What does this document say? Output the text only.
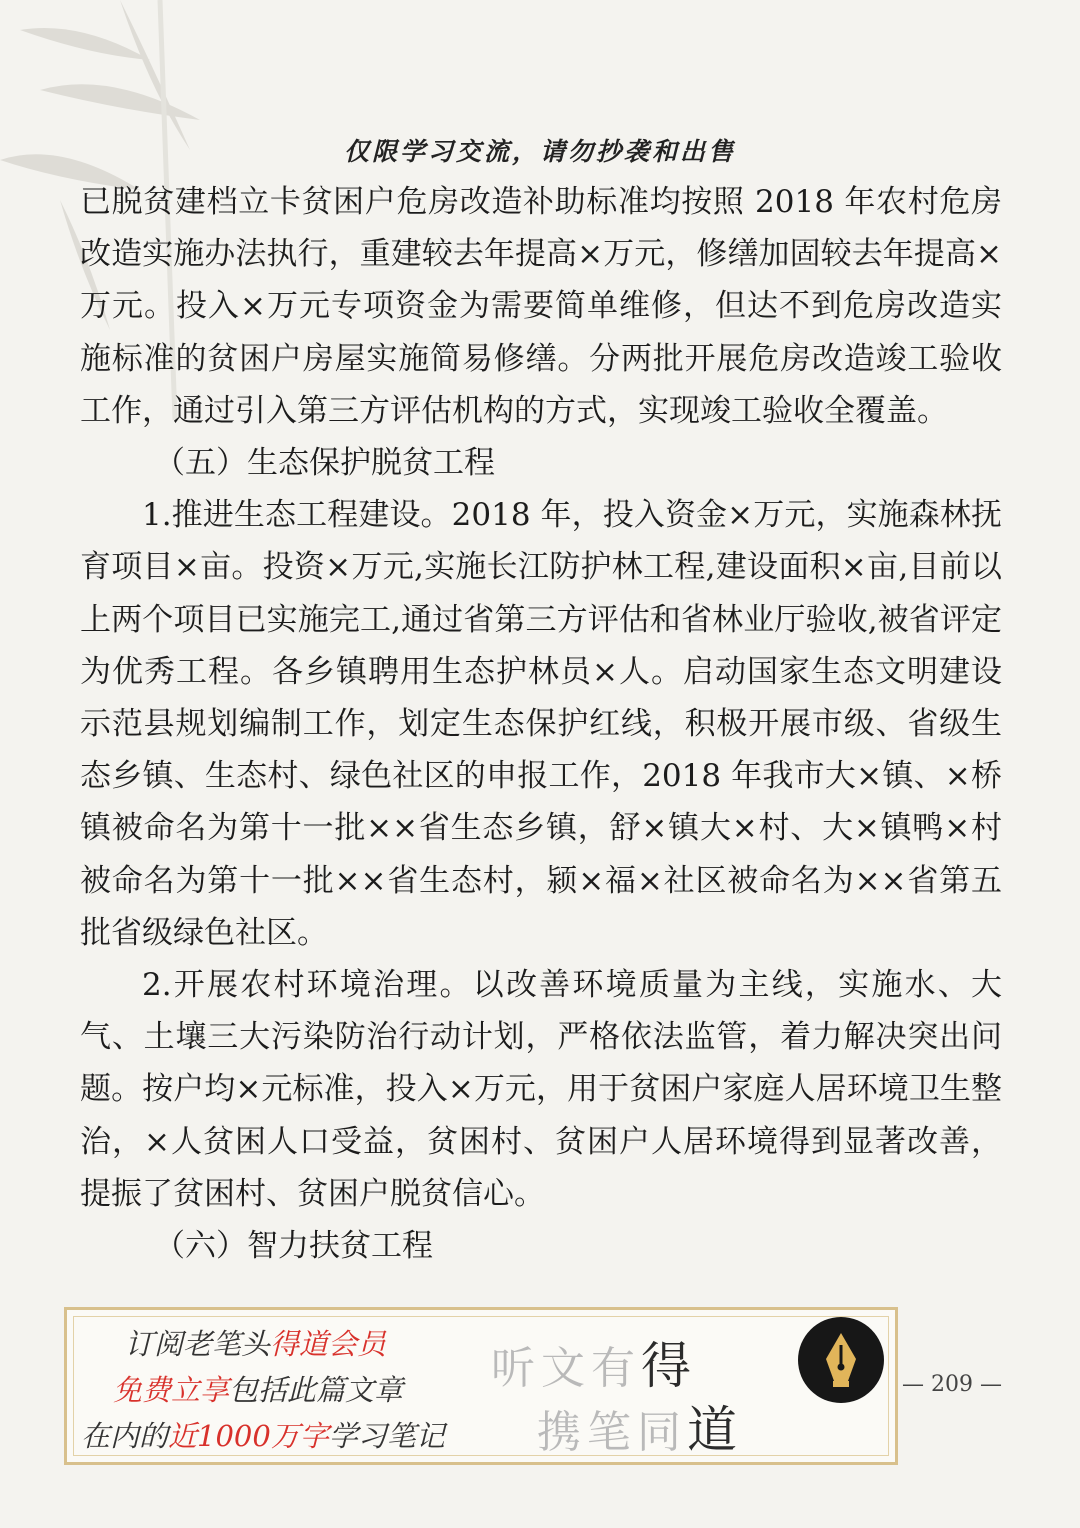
仅限学习交流，请勿抄袭和出售

已脱贫建档立卡贫困户危房改造补助标准均按照 2018 年农村危房改造实施办法执行，重建较去年提高×万元，修缮加固较去年提高×万元。投入×万元专项资金为需要简单维修，但达不到危房改造实施标准的贫困户房屋实施简易修缮。分两批开展危房改造竣工验收工作，通过引入第三方评估机构的方式，实现竣工验收全覆盖。

（五）生态保护脱贫工程

1.推进生态工程建设。2018 年，投入资金×万元，实施森林抚育项目×亩。投资×万元,实施长江防护林工程,建设面积×亩,目前以上两个项目已实施完工,通过省第三方评估和省林业厅验收,被省评定为优秀工程。各乡镇聘用生态护林员×人。启动国家生态文明建设示范县规划编制工作，划定生态保护红线，积极开展市级、省级生态乡镇、生态村、绿色社区的申报工作，2018 年我市大×镇、×桥镇被命名为第十一批××省生态乡镇，舒×镇大×村、大×镇鸭×村被命名为第十一批××省生态村，颍×福×社区被命名为××省第五批省级绿色社区。

2.开展农村环境治理。以改善环境质量为主线，实施水、大气、土壤三大污染防治行动计划，严格依法监管，着力解决突出问题。按户均×元标准，投入×万元，用于贫困户家庭人居环境卫生整治，×人贫困人口受益，贫困村、贫困户人居环境得到显著改善，提振了贫困村、贫困户脱贫信心。

（六）智力扶贫工程

订阅老笔头得道会员
免费立享包括此篇文章
在内的近1000万字学习笔记
听文有得
携笔同道
— 209 —
